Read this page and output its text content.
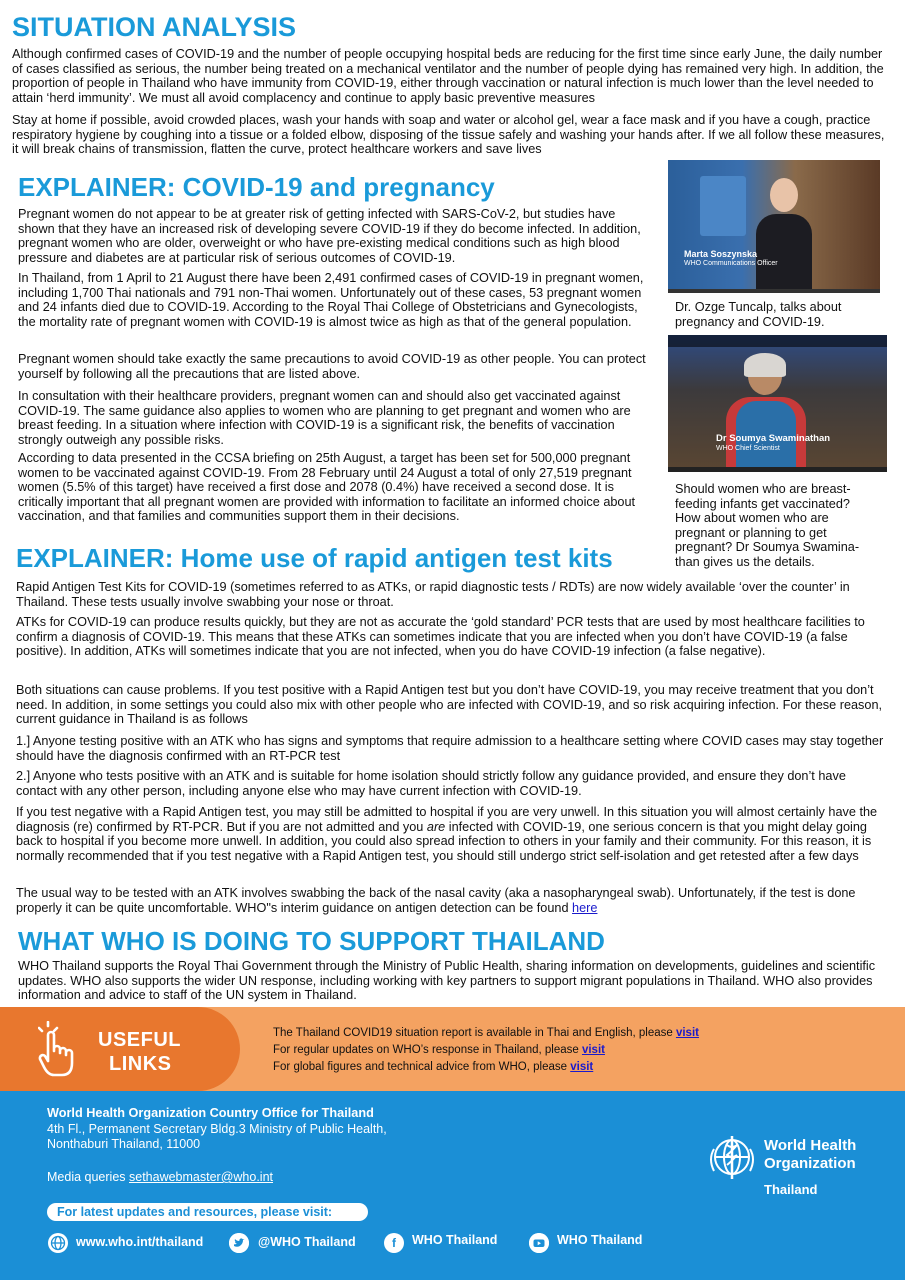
SITUATION ANALYSIS

Although confirmed cases of COVID-19 and the number of people occupying hospital beds are reducing for the first time since early June, the daily number of cases classified as serious, the number being treated on a mechanical ventilator and the number of people dying has remained very high. In addition, the proportion of people in Thailand who have immunity from COVID-19, either through vaccination or natural infection is much lower than the level needed to attain ‘herd immunity’. We must all avoid complacency and continue to apply basic preventive measures

Stay at home if possible, avoid crowded places, wash your hands with soap and water or alcohol gel, wear a face mask and if you have a cough, practice respiratory hygiene by coughing into a tissue or a folded elbow, disposing of the tissue safely and washing your hands after. If we all follow these measures, it will break chains of transmission, flatten the curve, protect healthcare workers and save lives

EXPLAINER: COVID-19 and pregnancy

Pregnant women do not appear to be at greater risk of getting infected with SARS-CoV-2, but studies have shown that they have an increased risk of developing severe COVID-19 if they do become infected. In addition, pregnant women who are older, overweight or who have pre-existing medical conditions such as high blood pressure and diabetes are at particular risk of serious outcomes of COVID-19.

In Thailand, from 1 April to 21 August there have been 2,491 confirmed cases of COVID-19 in pregnant women, including 1,700 Thai nationals and 791 non-Thai women. Unfortunately out of these cases, 53 pregnant women and 24 infants died due to COVID-19. According to the Royal Thai College of Obstetricians and Gynecologists, the mortality rate of pregnant women with COVID-19 is almost twice as high as that of the general population.

Pregnant women should take exactly the same precautions to avoid COVID-19 as other people. You can protect yourself by following all the precautions that are listed above.

In consultation with their healthcare providers, pregnant women can and should also get vaccinated against COVID-19. The same guidance also applies to women who are planning to get pregnant and women who are breast feeding. In a situation where infection with COVID-19 is a significant risk, the benefits of vaccination strongly outweigh any possible risks.

According to data presented in the CCSA briefing on 25th August, a target has been set for 500,000 pregnant women to be vaccinated against COVID-19. From 28 February until 24 August a total of only 27,519 pregnant women (5.5% of this target) have received a first dose and 2078 (0.4%) have received a second dose. It is critically important that all pregnant women are provided with information to facilitate an informed choice about vaccination, and that families and communities support them in their decisions.

Marta Soszynska
WHO Communications Officer
Dr. Ozge Tuncalp, talks about pregnancy and COVID-19.
Dr Soumya Swaminathan
WHO Chief Scientist
Should women who are breast-feeding infants get vaccinated? How about women who are pregnant or planning to get pregnant? Dr Soumya Swamina-than gives us the details.
EXPLAINER: Home use of rapid antigen test kits

Rapid Antigen Test Kits for COVID-19 (sometimes referred to as ATKs, or rapid diagnostic tests / RDTs) are now widely available ‘over the counter’ in Thailand. These tests usually involve swabbing your nose or throat.

ATKs for COVID-19 can produce results quickly, but they are not as accurate the ‘gold standard’ PCR tests that are used by most healthcare facilities to confirm a diagnosis of COVID-19. This means that these ATKs can sometimes indicate that you are infected when you don’t have COVID-19 (a false positive). In addition, ATKs will sometimes indicate that you are not infected, when you do have COVID-19 infection (a false negative).

Both situations can cause problems. If you test positive with a Rapid Antigen test but you don’t have COVID-19, you may receive treatment that you don’t need. In addition, in some settings you could also mix with other people who are infected with COVID-19, and so risk acquiring infection. For these reason, current guidance in Thailand is as follows

1.] Anyone testing positive with an ATK who has signs and symptoms that require admission to a healthcare setting where COVID cases may stay together should have the diagnosis confirmed with an RT-PCR test

2.] Anyone who tests positive with an ATK and is suitable for home isolation should strictly follow any guidance provided, and ensure they don’t have contact with any other person, including anyone else who may have current infection with COVID-19.

If you test negative with a Rapid Antigen test, you may still be admitted to hospital if you are very unwell. In this situation you will almost certainly have the diagnosis (re) confirmed by RT-PCR. But if you are not admitted and you are infected with COVID-19, one serious concern is that you might delay going back to hospital if you become more unwell. In addition, you could also spread infection to others in your family and their community. For this reason, it is normally recommended that if you test negative with a Rapid Antigen test, you should still undergo strict self-isolation and get retested after a few days

The usual way to be tested with an ATK involves swabbing the back of the nasal cavity (aka a nasopharyngeal swab). Unfortunately, if the test is done properly it can be quite uncomfortable. WHO"s interim guidance on antigen detection can be found here

WHAT WHO IS DOING TO SUPPORT THAILAND

WHO Thailand supports the Royal Thai Government through the Ministry of Public Health, sharing information on developments, guidelines and scientific updates. WHO also supports the wider UN response, including working with key partners to support migrant populations in Thailand. WHO also provides information and advice to staff of the UN system in Thailand.

USEFUL
LINKS
The Thailand COVID19 situation report is available in Thai and English, please visit
For regular updates on WHO’s response in Thailand, please visit
For global figures and technical advice from WHO, please visit
World Health Organization Country Office for Thailand
4th Fl., Permanent Secretary Bldg.3 Ministry of Public Health,
Nonthaburi Thailand, 11000
Media queries sethawebmaster@who.int
For latest updates and resources, please visit:
World Health
Organization
Thailand
www.who.int/thailand	@WHO Thailand	f	WHO Thailand	WHO Thailand
